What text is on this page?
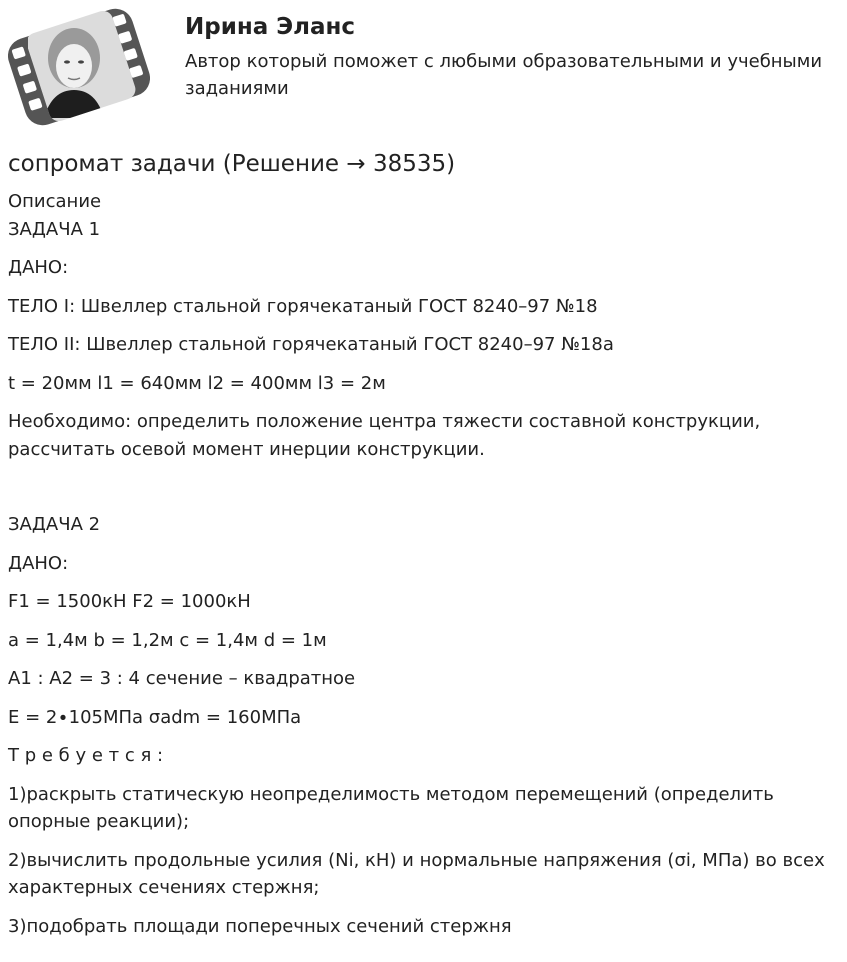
Ирина Эланс

Автор который поможет с любыми образовательными и учебными заданиями

сопромат задачи (Решение → 38535)

Описание

ЗАДАЧА 1

ДАНО:

ТЕЛО I: Швеллер стальной горячекатаный ГОСТ 8240–97 №18

ТЕЛО II: Швеллер стальной горячекатаный ГОСТ 8240–97 №18а

t = 20мм l1 = 640мм l2 = 400мм l3 = 2м

Необходимо: определить положение центра тяжести составной конструкции, рассчитать осевой момент инерции конструкции.

ЗАДАЧА 2

ДАНО:

F1 = 1500кН F2 = 1000кН

a = 1,4м b = 1,2м c = 1,4м d = 1м

A1 : A2 = 3 : 4 сечение – квадратное

E = 2∙105МПа σadm = 160МПа

Т р е б у е т с я :

1)раскрыть статическую неопределимость методом перемещений (определить опорные реакции);

2)вычислить продольные усилия (Ni, кН) и нормальные напряжения (σi, МПа) во всех характерных сечениях стержня;

3)подобрать площади поперечных сечений стержня
